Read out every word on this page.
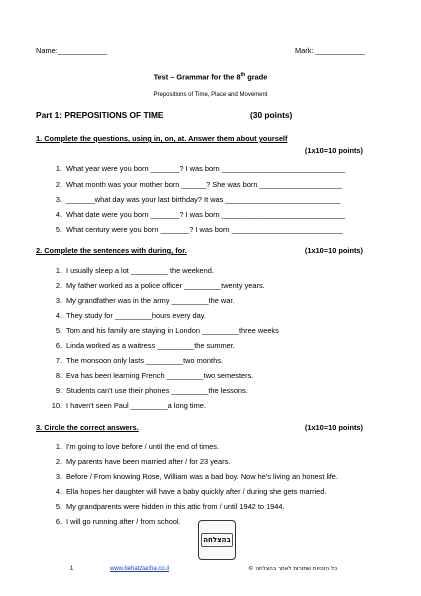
Name:____________	Mark: ____________
Test – Grammar for the 8th grade
Prepositions of Time, Place and Movement
Part 1: PREPOSITIONS OF TIME	(30 points)
1. Complete the questions, using in, on, at. Answer them about yourself
(1x10=10 points)
1. What year were you born _______? I was born ______________________________
2. What month was your mother born ______? She was born ____________________
3. _______what day was your last birthday? It was ____________________________
4. What date were you born _______? I was born ______________________________
5. What century were you born _______? I was born ___________________________
2. Complete the sentences with during, for.	(1x10=10 points)
1. I usually sleep a lot _________ the weekend.
2. My father worked as a police officer _________twenty years.
3. My grandfather was in the army _________the war.
4. They study for _________hours every day.
5. Tom and his family are staying in London _________three weeks
6. Linda worked as a waitress _________the summer.
7. The monsoon only lasts _________two months.
8. Eva has been learning French _________two semesters.
9. Students can't use their phones _________the lessons.
10. I haven't seen Paul _________a long time.
3. Circle the correct answers.	(1x10=10 points)
1. I'm going to love before / until the end of times.
2. My parents have been married after / for 23 years.
3. Before / From knowing Rose, William was a bad boy. Now he's living an honest life.
4. Ella hopes her daughter will have a baby quickly after / during she gets married.
5. My grandparents were hidden in this attic from / until 1942 to 1944.
6. I will go running after / from school.
בהצלחה
1	www.behatzlacha.co.il	כל הזכויות שמורות לאתר בהצלחה ©
